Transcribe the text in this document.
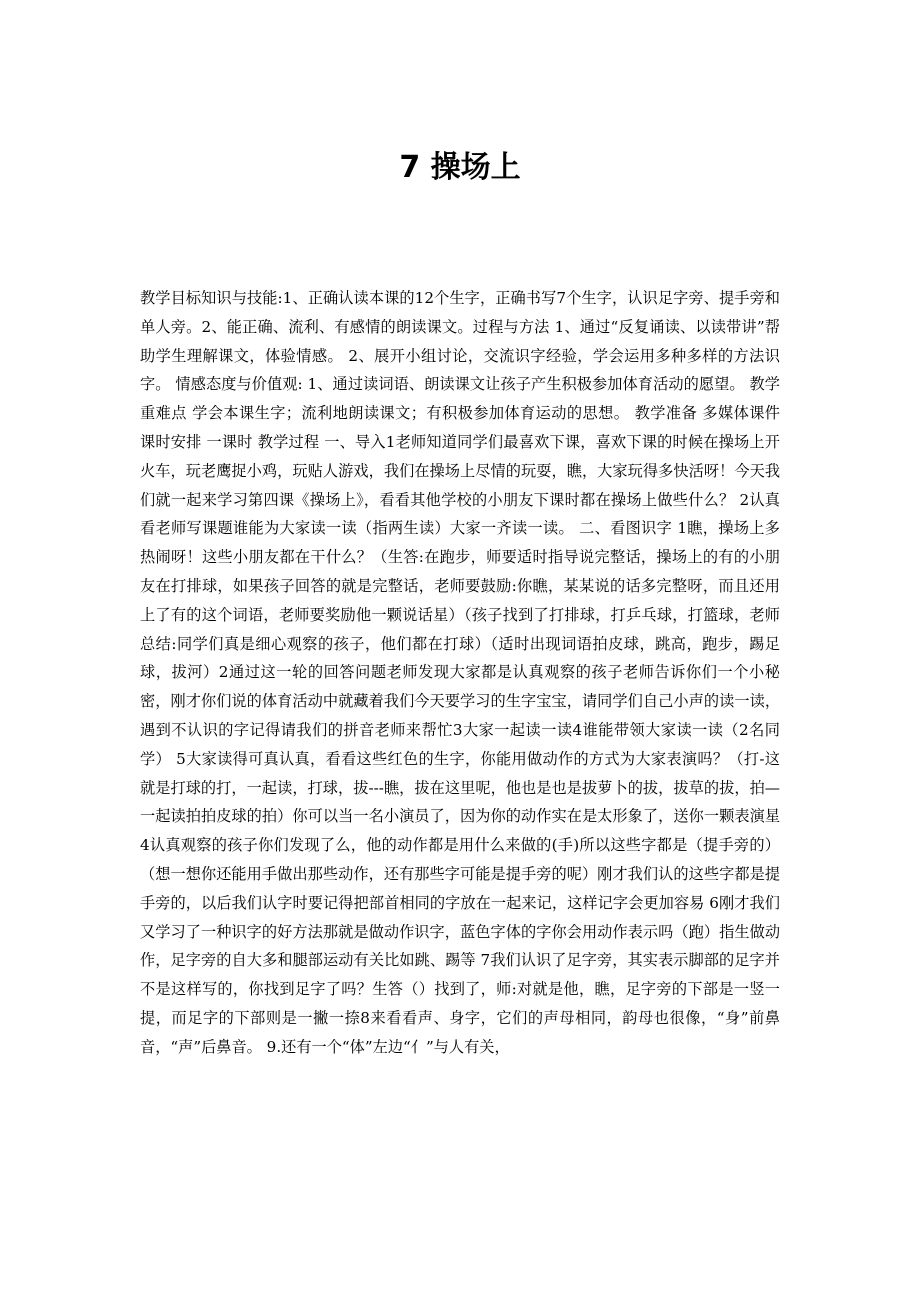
7 操场上

教学目标知识与技能:1、正确认读本课的12个生字，正确书写7个生字，认识足字旁、提手旁和单人旁。2、能正确、流利、有感情的朗读课文。过程与方法 1、通过“反复诵读、以读带讲”帮助学生理解课文，体验情感。 2、展开小组讨论，交流识字经验，学会运用多种多样的方法识字。 情感态度与价值观: 1、通过读词语、朗读课文让孩子产生积极参加体育活动的愿望。 教学重难点 学会本课生字；流利地朗读课文；有积极参加体育运动的思想。 教学准备 多媒体课件 课时安排 一课时 教学过程 一、导入1老师知道同学们最喜欢下课，喜欢下课的时候在操场上开火车，玩老鹰捉小鸡，玩贴人游戏，我们在操场上尽情的玩耍，瞧，大家玩得多快活呀！今天我们就一起来学习第四课《操场上》，看看其他学校的小朋友下课时都在操场上做些什么？ 2认真看老师写课题谁能为大家读一读（指两生读）大家一齐读一读。 二、看图识字 1瞧，操场上多热闹呀！这些小朋友都在干什么？（生答:在跑步，师要适时指导说完整话，操场上的有的小朋友在打排球，如果孩子回答的就是完整话，老师要鼓励:你瞧，某某说的话多完整呀，而且还用上了有的这个词语，老师要奖励他一颗说话星）（孩子找到了打排球，打乒乓球，打篮球，老师总结:同学们真是细心观察的孩子，他们都在打球）（适时出现词语拍皮球，跳高，跑步，踢足球，拔河）2通过这一轮的回答问题老师发现大家都是认真观察的孩子老师告诉你们一个小秘密，刚才你们说的体育活动中就藏着我们今天要学习的生字宝宝，请同学们自己小声的读一读，遇到不认识的字记得请我们的拼音老师来帮忙3大家一起读一读4谁能带领大家读一读（2名同学） 5大家读得可真认真，看看这些红色的生字，你能用做动作的方式为大家表演吗？（打-这就是打球的打，一起读，打球，拔---瞧，拔在这里呢，他也是也是拔萝卜的拔，拔草的拔，拍—一起读拍拍皮球的拍）你可以当一名小演员了，因为你的动作实在是太形象了，送你一颗表演星4认真观察的孩子你们发现了么，他的动作都是用什么来做的(手)所以这些字都是（提手旁的）（想一想你还能用手做出那些动作，还有那些字可能是提手旁的呢）刚才我们认的这些字都是提手旁的，以后我们认字时要记得把部首相同的字放在一起来记，这样记字会更加容易 6刚才我们又学习了一种识字的好方法那就是做动作识字，蓝色字体的字你会用动作表示吗（跑）指生做动作，足字旁的自大多和腿部运动有关比如跳、踢等 7我们认识了足字旁，其实表示脚部的足字并不是这样写的，你找到足字了吗？生答（）找到了，师:对就是他，瞧，足字旁的下部是一竖一提，而足字的下部则是一撇一捺8来看看声、身字，它们的声母相同，韵母也很像，“身”前鼻音，“声”后鼻音。 9.还有一个“体”左边“亻”与人有关，
